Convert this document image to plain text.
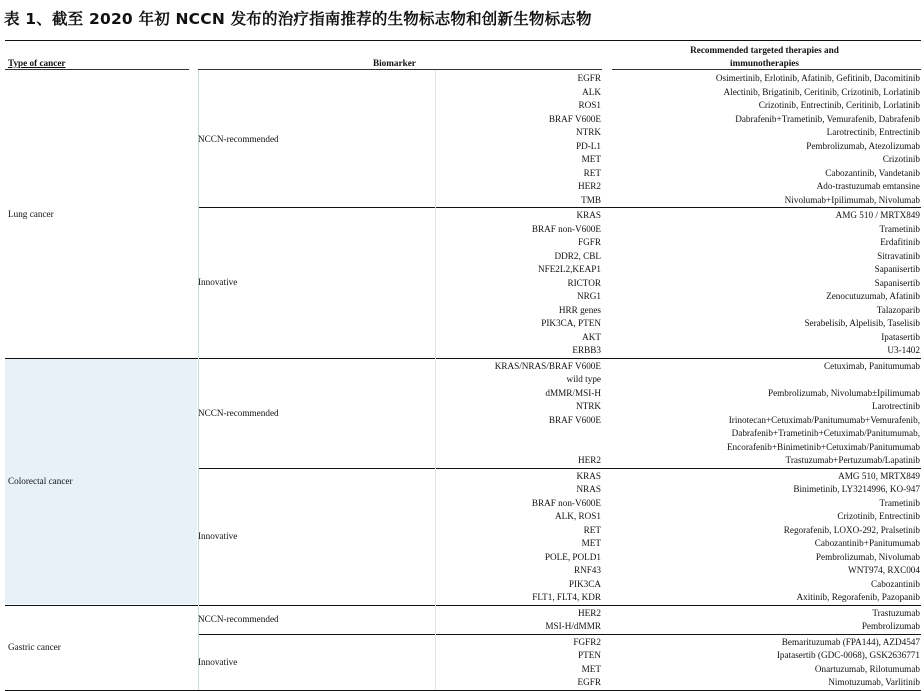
表 1、截至 2020 年初 NCCN 发布的治疗指南推荐的生物标志物和创新生物标志物
Type of cancer	Biomarker
Recommended targeted therapies and
immunotherapies
Lung cancer
NCCN-recommended
EGFR	Osimertinib, Erlotinib, Afatinib, Gefitinib, Dacomitinib
ALK	Alectinib, Brigatinib, Ceritinib, Crizotinib, Lorlatinib
ROS1	Crizotinib, Entrectinib, Ceritinib, Lorlatinib
BRAF V600E	Dabrafenib+Trametinib, Vemurafenib, Dabrafenib
NTRK	Larotrectinib, Entrectinib
PD-L1	Pembrolizumab, Atezolizumab
MET	Crizotinib
RET	Cabozantinib, Vandetanib
HER2	Ado-trastuzumab emtansine
TMB	Nivolumab+Ipilimumab, Nivolumab
Innovative
KRAS	AMG 510 / MRTX849
BRAF non-V600E	Trametinib
FGFR	Erdafitinib
DDR2, CBL	Sitravatinib
NFE2L2,KEAP1	Sapanisertib
RICTOR	Sapanisertib
NRG1	Zenocutuzumab, Afatinib
HRR genes	Talazoparib
PIK3CA, PTEN	Serabelisib, Alpelisib, Taselisib
AKT	Ipatasertib
ERBB3	U3-1402
Colorectal cancer
NCCN-recommended
KRAS/NRAS/BRAF V600E	Cetuximab, Panitumumab
wild type
dMMR/MSI-H	Pembrolizumab, Nivolumab±Ipilimumab
NTRK	Larotrectinib
BRAF V600E	Irinotecan+Cetuximab/Panitumumab+Vemurafenib,
Dabrafenib+Trametinib+Cetuximab/Panitumumab,
Encorafenib+Binimetinib+Cetuximab/Panitumumab
HER2	Trastuzumab+Pertuzumab/Lapatinib
Innovative
KRAS	AMG 510, MRTX849
NRAS	Binimetinib, LY3214996, KO-947
BRAF non-V600E	Trametinib
ALK, ROS1	Crizotinib, Entrectinib
RET	Regorafenib, LOXO-292, Pralsetinib
MET	Cabozantinib+Panitumumab
POLE, POLD1	Pembrolizumab, Nivolumab
RNF43	WNT974, RXC004
PIK3CA	Cabozantinib
FLT1, FLT4, KDR	Axitinib, Regorafenib, Pazopanib
Gastric cancer
NCCN-recommended
HER2	Trastuzumab
MSI-H/dMMR	Pembrolizumab
Innovative
FGFR2	Bemarituzumab (FPA144), AZD4547
PTEN	Ipatasertib (GDC-0068), GSK2636771
MET	Onartuzumab, Rilotumumab
EGFR	Nimotuzumab, Varlitinib
